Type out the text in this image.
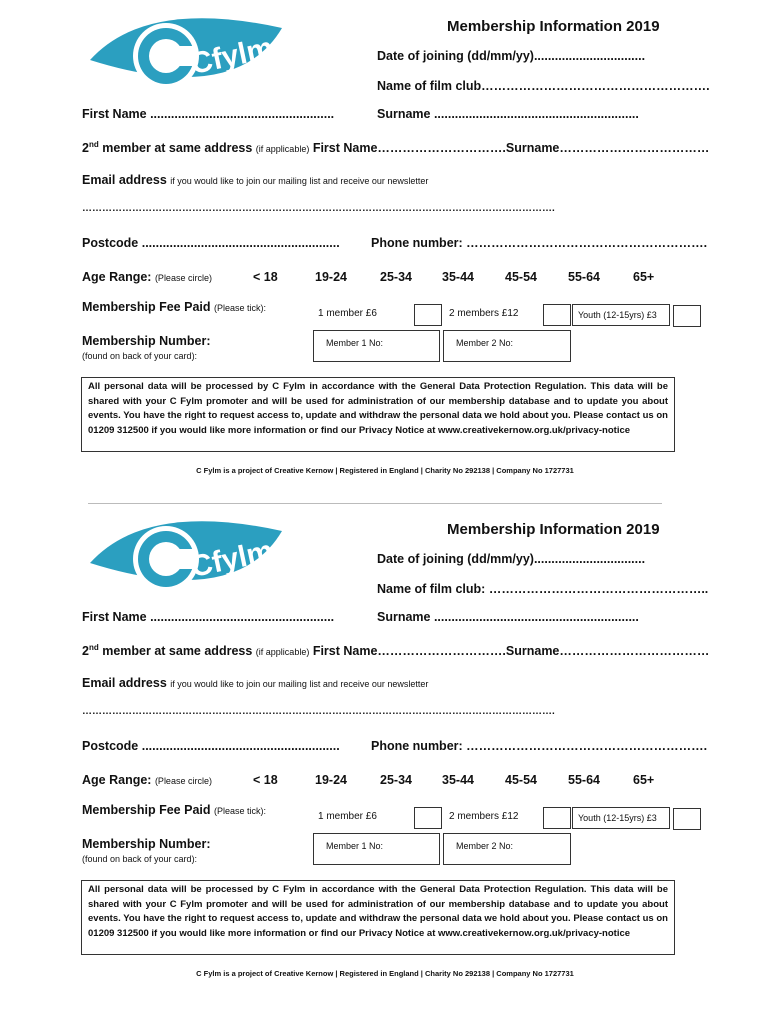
Cfylm
Membership Information 2019
Date of joining (dd/mm/yy)................................
Name of film club……………………………………………….
First Name .....................................................	Surname ...........................................................
2nd member at same address (if applicable) First Name………………………….Surname………………………………
Email address if you would like to join our mailing list and receive our newsletter
…………………………………………………………………………………………………………………………….
Postcode .........................................................	Phone number: ………………………………………………….
Age Range: (Please circle)	< 18	19-24	25-34 35-44 45-54 55-64	65+
Membership Fee Paid (Please tick):	1 member £6	2 members £12	Youth (12-15yrs) £3
Membership Number:
(found on back of your card):
Member 1 No:	Member 2 No:
All personal data will be processed by C Fylm in accordance with the General Data Protection Regulation. This data will be shared with your C Fylm promoter and will be used for administration of our membership database and to update you about events. You have the right to request access to, update and withdraw the personal data we hold about you. Please contact us on 01209 312500 if you would like more information or find our Privacy Notice at www.creativekernow.org.uk/privacy-notice
C Fylm is a project of Creative Kernow | Registered in England | Charity No 292138 | Company No 1727731
Cfylm
Membership Information 2019
Date of joining (dd/mm/yy)................................
Name of film club: ……………………………………………..
First Name .....................................................	Surname ...........................................................
2nd member at same address (if applicable) First Name………………………….Surname………………………………
Email address if you would like to join our mailing list and receive our newsletter
…………………………………………………………………………………………………………………………….
Postcode .........................................................	Phone number: ………………………………………………….
Age Range: (Please circle)	< 18	19-24	25-34 35-44 45-54 55-64	65+
Membership Fee Paid (Please tick):	1 member £6	2 members £12	Youth (12-15yrs) £3
Membership Number:
(found on back of your card):
Member 1 No:	Member 2 No:
All personal data will be processed by C Fylm in accordance with the General Data Protection Regulation. This data will be shared with your C Fylm promoter and will be used for administration of our membership database and to update you about events. You have the right to request access to, update and withdraw the personal data we hold about you. Please contact us on 01209 312500 if you would like more information or find our Privacy Notice at www.creativekernow.org.uk/privacy-notice
C Fylm is a project of Creative Kernow | Registered in England | Charity No 292138 | Company No 1727731
